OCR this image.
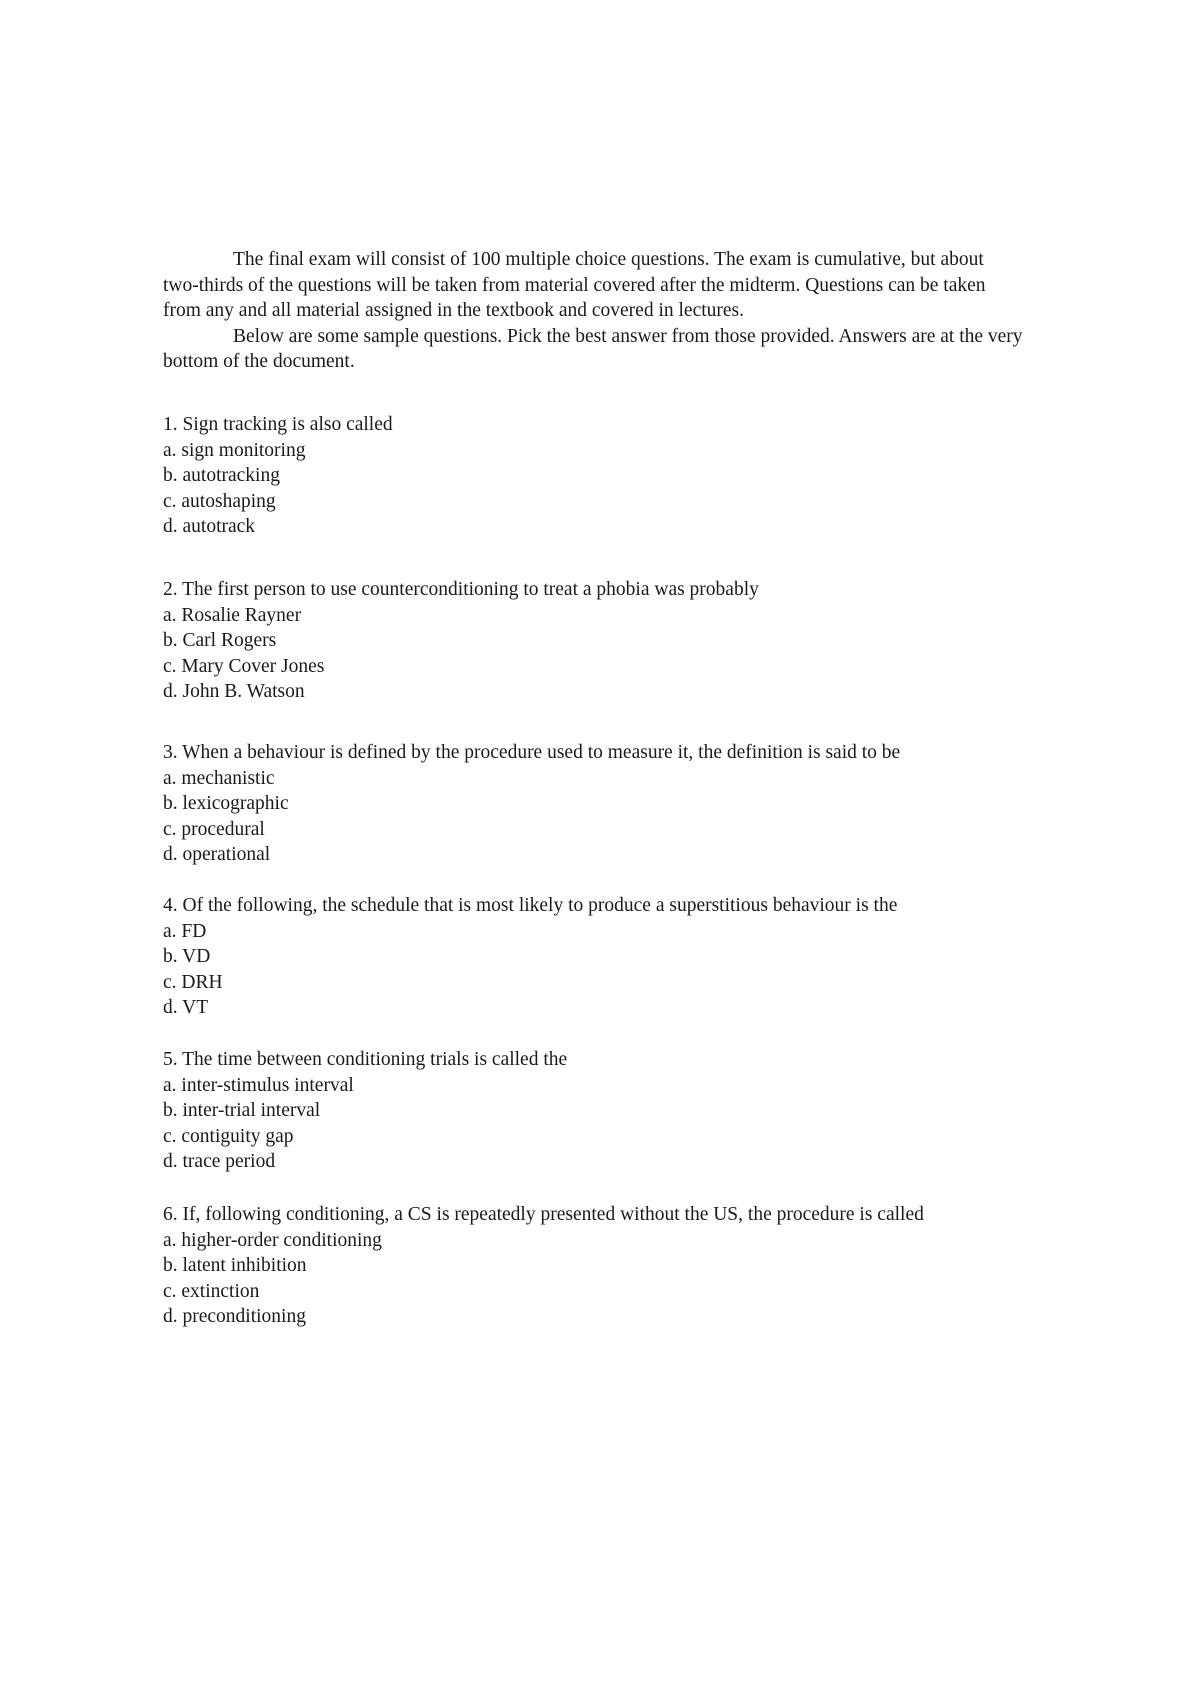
The final exam will consist of 100 multiple choice questions. The exam is cumulative, but about two-thirds of the questions will be taken from material covered after the midterm. Questions can be taken from any and all material assigned in the textbook and covered in lectures.

Below are some sample questions. Pick the best answer from those provided. Answers are at the very bottom of the document.

1. Sign tracking is also called
a. sign monitoring
b. autotracking
c. autoshaping
d. autotrack
2. The first person to use counterconditioning to treat a phobia was probably
a. Rosalie Rayner
b. Carl Rogers
c. Mary Cover Jones
d. John B. Watson
3. When a behaviour is defined by the procedure used to measure it, the definition is said to be
a. mechanistic
b. lexicographic
c. procedural
d. operational
4. Of the following, the schedule that is most likely to produce a superstitious behaviour is the
a. FD
b. VD
c. DRH
d. VT
5. The time between conditioning trials is called the
a. inter-stimulus interval
b. inter-trial interval
c. contiguity gap
d. trace period
6. If, following conditioning, a CS is repeatedly presented without the US, the procedure is called
a. higher-order conditioning
b. latent inhibition
c. extinction
d. preconditioning
